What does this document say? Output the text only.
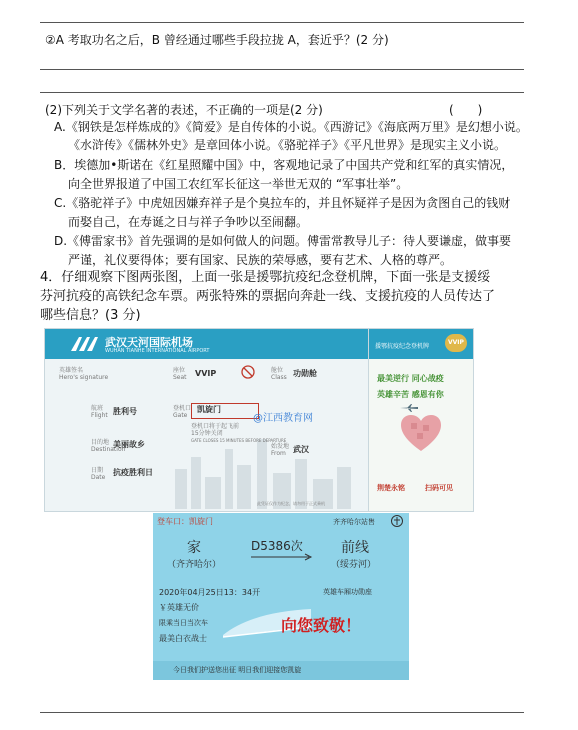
②A 考取功名之后，B 曾经通过哪些手段拉拢 A，套近乎？(2 分)
(2)下列关于文学名著的表述，不正确的一项是(2 分)	(　　)
A.《钢铁是怎样炼成的》《简爱》是自传体的小说。《西游记》《海底两万里》是幻想小说。
《水浒传》《儒林外史》是章回体小说。《骆驼祥子》《平凡世界》是现实主义小说。
B．埃德加•斯诺在《红星照耀中国》中，客观地记录了中国共产党和红军的真实情况，
向全世界报道了中国工农红军长征这一举世无双的 “军事壮举”。
C.《骆驼祥子》中虎妞因嫌弃祥子是个臭拉车的，并且怀疑祥子是因为贪图自己的钱财
而娶自己，在寿诞之日与祥子争吵以至闹翻。
D.《傅雷家书》首先强调的是如何做人的问题。傅雷常教导儿子：待人要谦虚，做事要
严谨，礼仪要得体；要有国家、民族的荣辱感，要有艺术、人格的尊严。
4．仔细观察下图两张图，上面一张是援鄂抗疫纪念登机牌，下面一张是支援绥
芬河抗疫的高铁纪念车票。两张特殊的票据向奔赴一线、支援抗疫的人员传达了
哪些信息？(3 分)
武汉天河国际机场
WUHAN TIANHE INTERNATIONAL AIRPORT
英雄签名
Hero's signature
座位
Seat VVIP	舱位
Class 功勋舱
航班
Flight 胜利号	登机口
Gate
凯旋门
登机口将于起飞前
15分钟关闭
GATE CLOSES 15 MINUTES BEFORE DEPARTURE
@江西教育网
目的地
Destination
美丽故乡	始发地
From 武汉
日期
Date
抗疫胜利日
此凭证仅作为纪念，请勿用于正式乘机
援鄂抗疫纪念登机牌
VVIP
最美逆行 同心战疫
英雄辛苦 感恩有你
荆楚永铭	扫码可见
登车口：凯旋门	齐齐哈尔站售
家
（齐齐哈尔）
D5386次	前线
（绥芬河）
2020年04月25日13：34开	英雄车厢功勋座
￥英雄无价
限乘当日当次车
最美白衣战士
向您致敬！
今日我们护送您出征 明日我们迎接您凯旋
